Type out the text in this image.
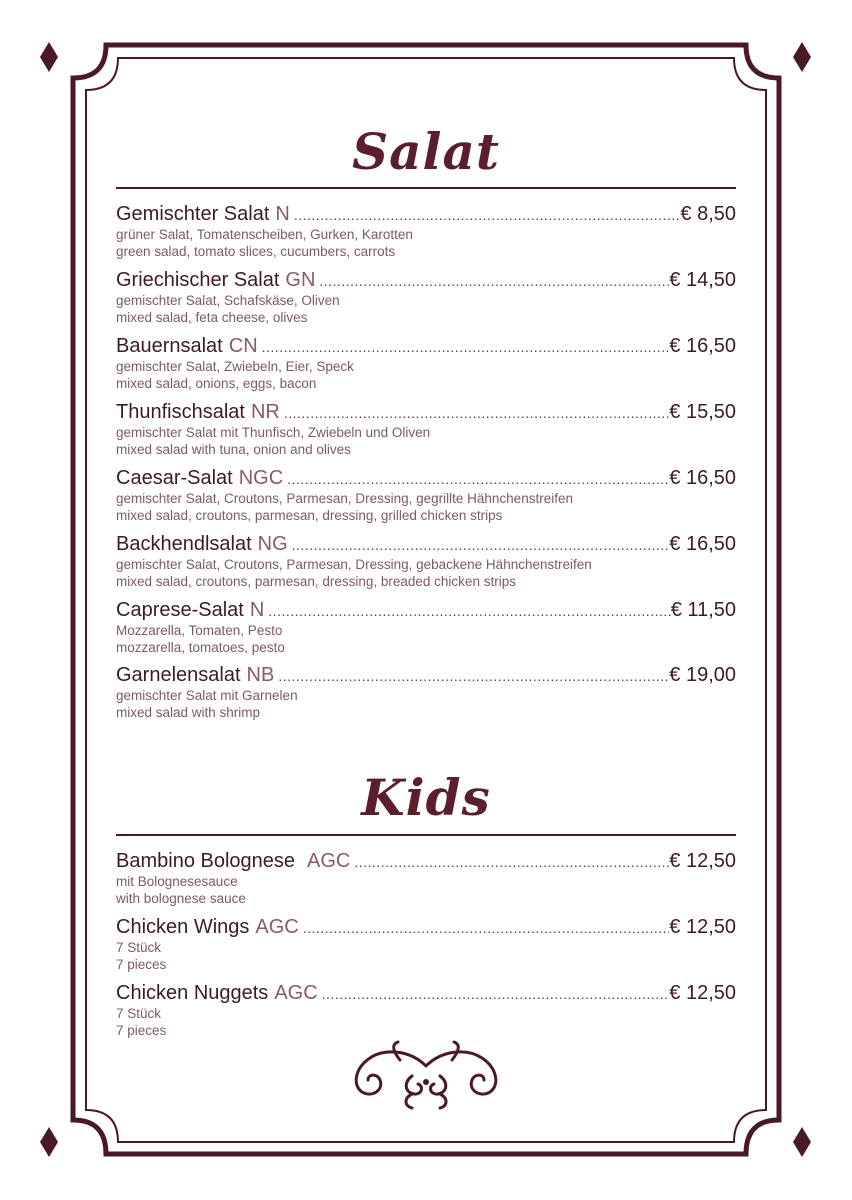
Salat
Gemischter Salat N .....	€ 8,50
grüner Salat, Tomatenscheiben, Gurken, Karotten
green salad, tomato slices, cucumbers, carrots
Griechischer Salat GN .....	€ 14,50
gemischter Salat, Schafskäse, Oliven
mixed salad, feta cheese, olives
Bauernsalat CN .....	€ 16,50
gemischter Salat, Zwiebeln, Eier, Speck
mixed salad, onions, eggs, bacon
Thunfischsalat NR .....	€ 15,50
gemischter Salat mit Thunfisch, Zwiebeln und Oliven
mixed salad with tuna, onion and olives
Caesar-Salat NGC .....	€ 16,50
gemischter Salat, Croutons, Parmesan, Dressing, gegrillte Hähnchenstreifen
mixed salad, croutons, parmesan, dressing, grilled chicken strips
Backhendlsalat NG .....	€ 16,50
gemischter Salat, Croutons, Parmesan, Dressing, gebackene Hähnchenstreifen
mixed salad, croutons, parmesan, dressing, breaded chicken strips
Caprese-Salat N .....	€ 11,50
Mozzarella, Tomaten, Pesto
mozzarella, tomatoes, pesto
Garnelensalat NB .....	€ 19,00
gemischter Salat mit Garnelen
mixed salad with shrimp
Kids
Bambino Bolognese AGC .....	€ 12,50
mit Bolognesesauce
with bolognese sauce
Chicken Wings AGC .....	€ 12,50
7 Stück
7 pieces
Chicken Nuggets AGC .....	€ 12,50
7 Stück
7 pieces
